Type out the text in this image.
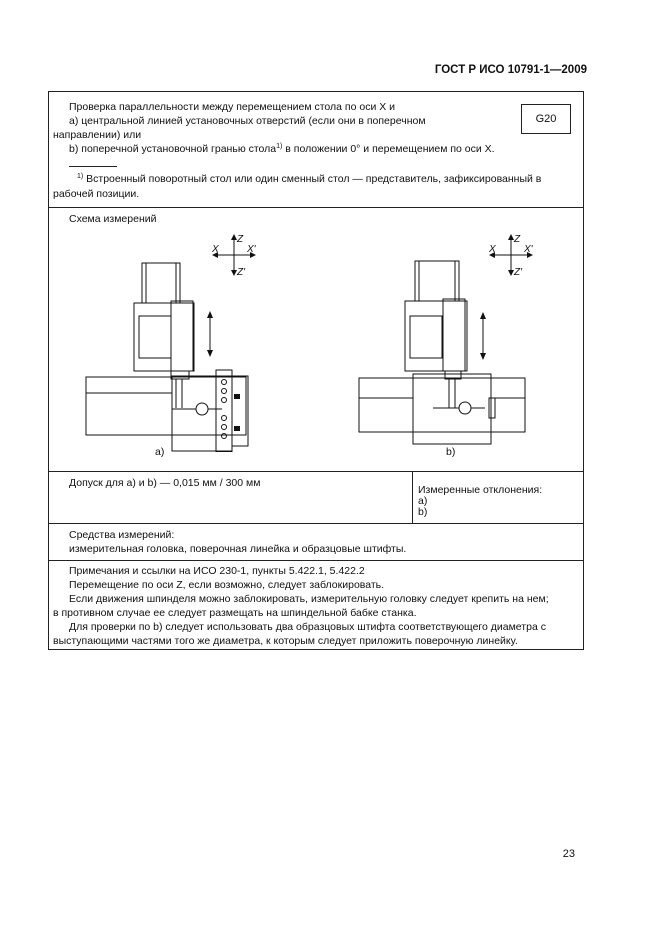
ГОСТ Р ИСО 10791-1—2009
Проверка параллельности между перемещением стола по оси X и
a) центральной линией установочных отверстий (если они в поперечном
направлении) или
b) поперечной установочной гранью стола$^{1)}$ в положении 0° и перемещением по оси X.
G20
$^{1)}$ Встроенный поворотный стол или один сменный стол — представитель, зафиксированный в
рабочей позиции.
Схема измерений
Z
X	X'
Z'
Z
X	X'
Z'
a)	b)
Допуск для a) и b) — 0,015 мм / 300 мм
Измеренные отклонения:
a)
b)
Средства измерений:
измерительная головка, поверочная линейка и образцовые штифты.
Примечания и ссылки на ИСО 230-1, пункты 5.422.1, 5.422.2
Перемещение по оси Z, если возможно, следует заблокировать.
Если движения шпинделя можно заблокировать, измерительную головку следует крепить на нем;
в противном случае ее следует размещать на шпиндельной бабке станка.
Для проверки по b) следует использовать два образцовых штифта соответствующего диаметра с
выступающими частями того же диаметра, к которым следует приложить поверочную линейку.
23
